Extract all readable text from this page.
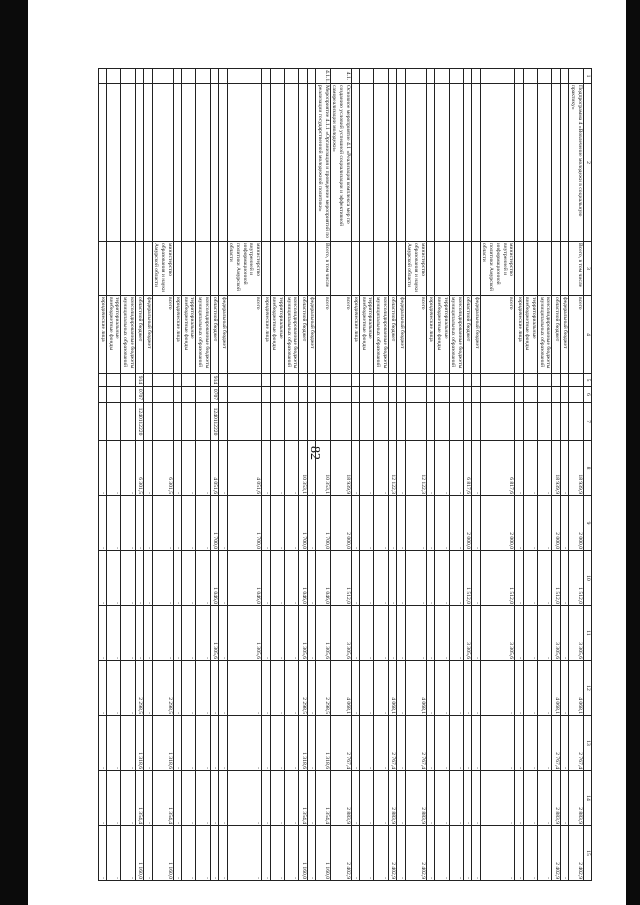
82
1	2	3	4	5	6	7	8	9	10	11	12	13	14	15
	Подпрограмма 4 «Вовлечение молодежи в социальную практику»	Всего, в том числе	всего				18 939,9	2 000,0	1 512,0	3 305,6	4 068,1	2 767,4	2 883,9	2 402,9
			федеральный бюджет				-	-	-	-	-	-	-	-
			областной бюджет				18 939,9	2 000,0	1 512,0	3 305,6	4 068,1	2 767,4	2 883,9	2 402,9
			консолидированные бюджеты муниципальных образований				-	-	-	-	-	-	-	-
			территориальные внебюджетные фонды				-	-	-	-	-	-	-	-
			юридические лица				-	-	-	-	-	-	-	-
		министерство внутренней и информационной политики Амурской области	всего				6 817,6	2 000,0	1 512,0	3 305,6	-	-	-	-
			федеральный бюджет				-	-	-	-	-	-	-	-
			областной бюджет				6 817,6	2 000,0	1 512,0	3 305,6	-	-	-	-
			консолидированные бюджеты муниципальных образований				-	-	-	-	-	-	-	-
			территориальные внебюджетные фонды				-	-	-	-	-	-	-	-
			юридические лица				-	-	-	-	-	-	-	-
		министерство образования и науки Амурской области	всего				12 122,3	-	-	-	4 068,1	2 767,4	2 883,9	2 402,9
			федеральный бюджет				-	-	-	-	-	-	-	-
			областной бюджет				12 122,3	-	-	-	4 068,1	2 767,4	2 883,9	2 402,9
			консолидированные бюджеты муниципальных образований				-	-	-	-	-	-	-	-
			территориальные внебюджетные фонды				-	-	-	-	-	-	-	-
			юридические лица				-	-	-	-	-	-	-	-
4.1.	Основное мероприятие 4.1 «Реализация комплекса мер по созданию условий успешной социализации и эффективной самореализации молодежи»		всего				18 939,9	2 000,0	1 512,0	3 305,6	4 068,1	2 767,4	2 883,9	2 402,9
4.1.1.	Мероприятие 4.1.1 «Организация и проведение мероприятий по реализации государственной молодежной политики»	Всего, в том числе	всего				10 353,1	1 700,0	1 046,0	1 305,6	2 298,5	1 318,6	1 354,4	1 160,0
			федеральный бюджет				-	-	-	-	-	-	-	-
			областной бюджет				10 353,1	1 700,0	1 046,0	1 305,6	2 298,5	1 318,6	1 354,4	1 160,0
			консолидированные бюджеты муниципальных образований				-	-	-	-	-	-	-	-
			территориальные внебюджетные фонды				-	-	-	-	-	-	-	-
			юридические лица				-	-	-	-	-	-	-	-
		министерство внутренней и информационной политики Амурской области	всего				4 051,6	1 700,0	1 046,0	1 305,6	-	-	-	-
			федеральный бюджет				-	-	-	-	-	-	-	-
			областной бюджет	914	0707	1240112220	4 051,6	1 700,0	1 046,0	1 305,6	-	-	-	-
			консолидированные бюджеты муниципальных образований				-	-	-	-	-	-	-	-
			территориальные внебюджетные фонды				-	-	-	-	-	-	-	-
			юридические лица				-	-	-	-	-	-	-	-
		министерство образования и науки Амурской области	всего				6 301,5	-	-	-	2 298,5	1 318,6	1 354,4	1 160,0
			федеральный бюджет				-	-	-	-	-	-	-	-
			областной бюджет	914	0707	1240112220	6 301,5	-	-	-	2 298,5	1 318,6	1 354,4	1 160,0
			консолидированные бюджеты муниципальных образований				-	-	-	-	-	-	-	-
			территориальные внебюджетные фонды				-	-	-	-	-	-	-	-
			юридические лица				-	-	-	-	-	-	-	-
